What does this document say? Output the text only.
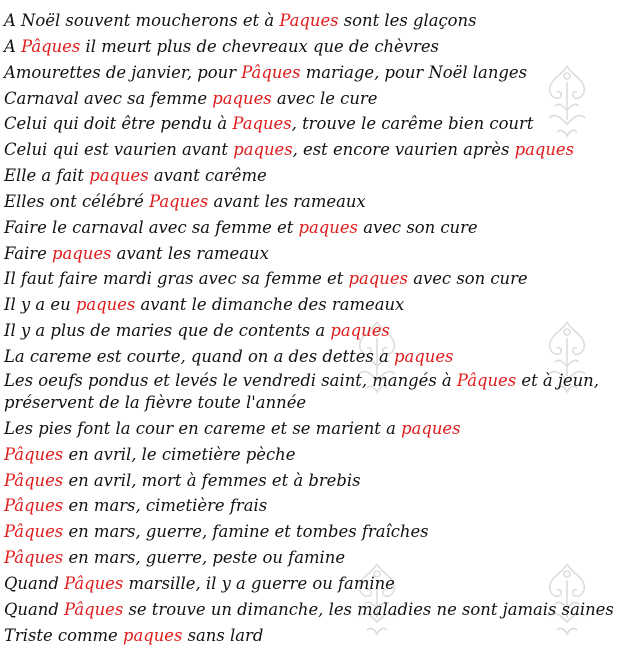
A Noël souvent moucherons et à Paques sont les glaçons
A Pâques il meurt plus de chevreaux que de chèvres
Amourettes de janvier, pour Pâques mariage, pour Noël langes
Carnaval avec sa femme paques avec le cure
Celui qui doit être pendu à Paques, trouve le carême bien court
Celui qui est vaurien avant paques, est encore vaurien après paques
Elle a fait paques avant carême
Elles ont célébré Paques avant les rameaux
Faire le carnaval avec sa femme et paques avec son cure
Faire paques avant les rameaux
Il faut faire mardi gras avec sa femme et paques avec son cure
Il y a eu paques avant le dimanche des rameaux
Il y a plus de maries que de contents a paques
La careme est courte, quand on a des dettes a paques
Les oeufs pondus et levés le vendredi saint, mangés à Pâques et à jeun, préservent de la fièvre toute l'année
Les pies font la cour en careme et se marient a paques
Pâques en avril, le cimetière pèche
Pâques en avril, mort à femmes et à brebis
Pâques en mars, cimetière frais
Pâques en mars, guerre, famine et tombes fraîches
Pâques en mars, guerre, peste ou famine
Quand Pâques marsille, il y a guerre ou famine
Quand Pâques se trouve un dimanche, les maladies ne sont jamais saines
Triste comme paques sans lard
